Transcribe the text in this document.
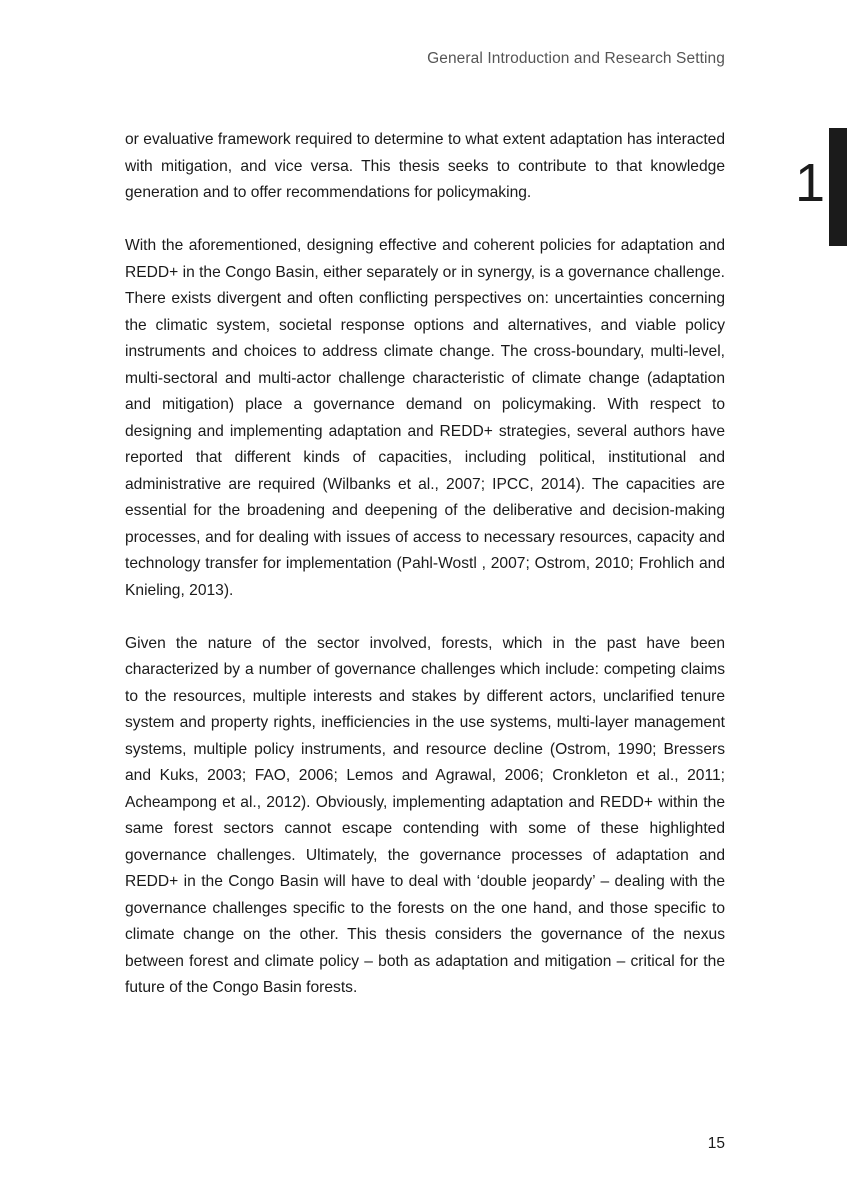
General Introduction and Research Setting
1

or evaluative framework required to determine to what extent adaptation has interacted with mitigation, and vice versa. This thesis seeks to contribute to that knowledge generation and to offer recommendations for policymaking.

With the aforementioned, designing effective and coherent policies for adaptation and REDD+ in the Congo Basin, either separately or in synergy, is a governance challenge. There exists divergent and often conflicting perspectives on: uncertainties concerning the climatic system, societal response options and alternatives, and viable policy instruments and choices to address climate change. The cross-boundary, multi-level, multi-sectoral and multi-actor challenge characteristic of climate change (adaptation and mitigation) place a governance demand on policymaking. With respect to designing and implementing adaptation and REDD+ strategies, several authors have reported that different kinds of capacities, including political, institutional and administrative are required (Wilbanks et al., 2007; IPCC, 2014). The capacities are essential for the broadening and deepening of the deliberative and decision-making processes, and for dealing with issues of access to necessary resources, capacity and technology transfer for implementation (Pahl-Wostl , 2007; Ostrom, 2010; Frohlich and Knieling, 2013).

Given the nature of the sector involved, forests, which in the past have been characterized by a number of governance challenges which include: competing claims to the resources, multiple interests and stakes by different actors, unclarified tenure system and property rights, inefficiencies in the use systems, multi-layer management systems, multiple policy instruments, and resource decline (Ostrom, 1990; Bressers and Kuks, 2003; FAO, 2006; Lemos and Agrawal, 2006; Cronkleton et al., 2011; Acheampong et al., 2012). Obviously, implementing adaptation and REDD+ within the same forest sectors cannot escape contending with some of these highlighted governance challenges. Ultimately, the governance processes of adaptation and REDD+ in the Congo Basin will have to deal with ‘double jeopardy’ – dealing with the governance challenges specific to the forests on the one hand, and those specific to climate change on the other. This thesis considers the governance of the nexus between forest and climate policy – both as adaptation and mitigation – critical for the future of the Congo Basin forests.

15
